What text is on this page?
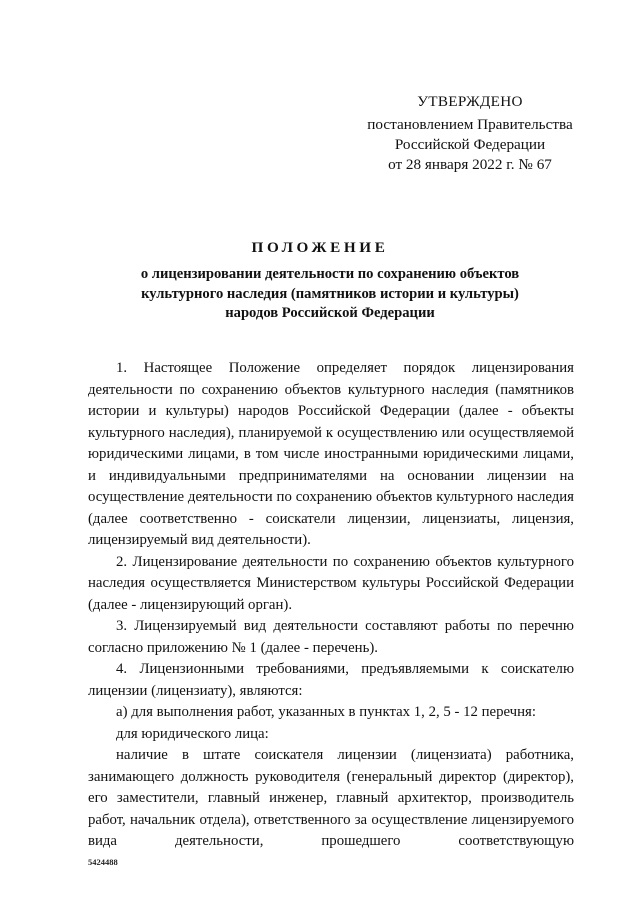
УТВЕРЖДЕНО
постановлением Правительства
Российской Федерации
от 28 января 2022 г. № 67
ПОЛОЖЕНИЕ
о лицензировании деятельности по сохранению объектов
культурного наследия (памятников истории и культуры)
народов Российской Федерации

1. Настоящее Положение определяет порядок лицензирования деятельности по сохранению объектов культурного наследия (памятников истории и культуры) народов Российской Федерации (далее - объекты культурного наследия), планируемой к осуществлению или осуществляемой юридическими лицами, в том числе иностранными юридическими лицами, и индивидуальными предпринимателями на основании лицензии на осуществление деятельности по сохранению объектов культурного наследия (далее соответственно - соискатели лицензии, лицензиаты, лицензия, лицензируемый вид деятельности).

2. Лицензирование деятельности по сохранению объектов культурного наследия осуществляется Министерством культуры Российской Федерации (далее - лицензирующий орган).

3. Лицензируемый вид деятельности составляют работы по перечню согласно приложению № 1 (далее - перечень).

4. Лицензионными требованиями, предъявляемыми к соискателю лицензии (лицензиату), являются:

а) для выполнения работ, указанных в пунктах 1, 2, 5 - 12 перечня:

для юридического лица:

наличие в штате соискателя лицензии (лицензиата) работника, занимающего должность руководителя (генеральный директор (директор), его заместители, главный инженер, главный архитектор, производитель работ, начальник отдела), ответственного за осуществление лицензируемого вида деятельности, прошедшего соответствующую

5424488
